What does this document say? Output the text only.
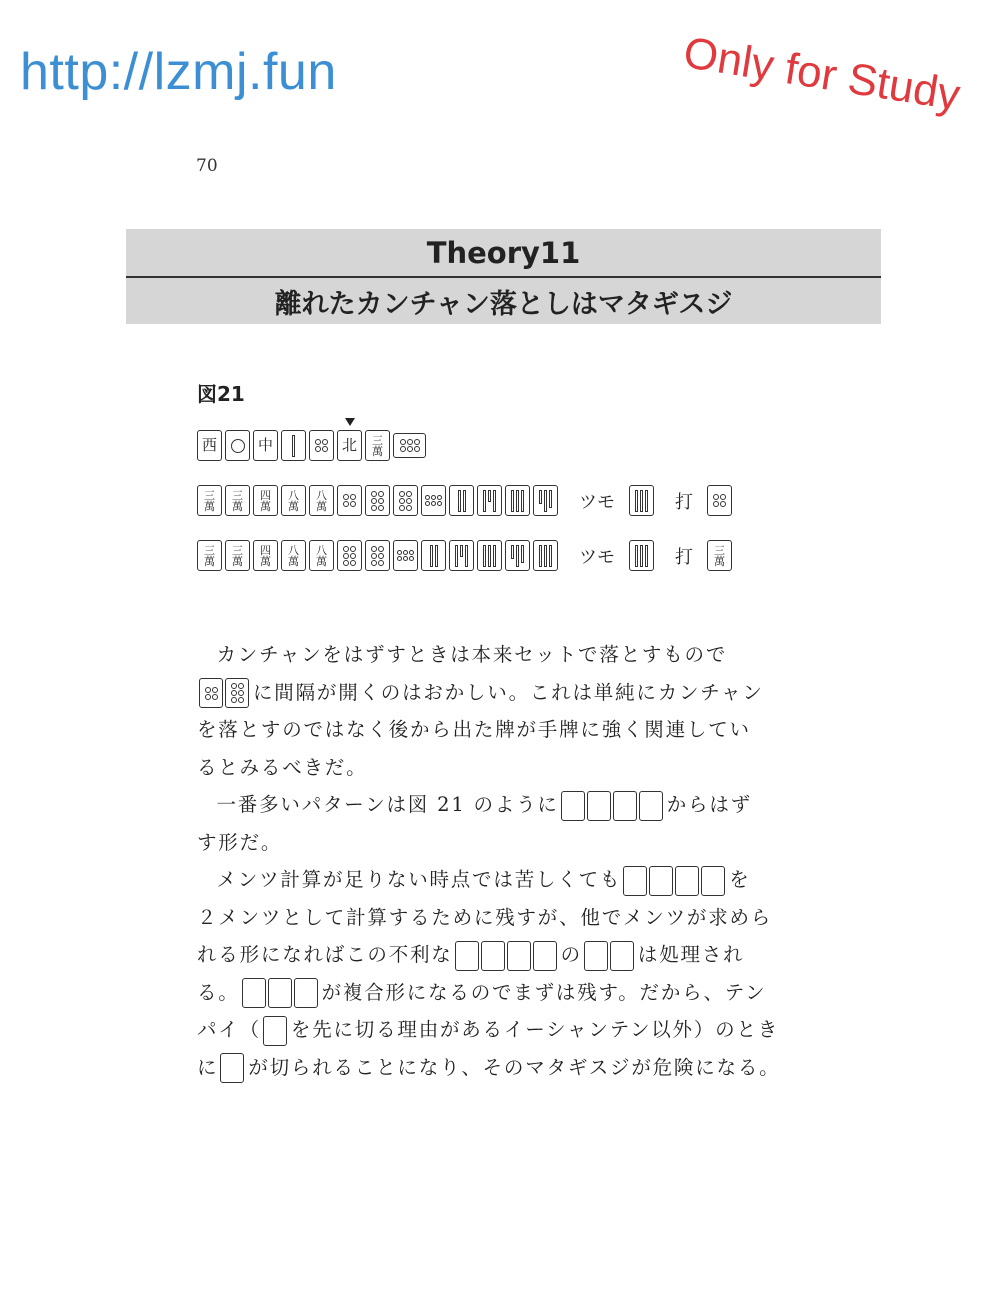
http://lzmj.fun	Only for Study
70
Theory11
離れたカンチャン落としはマタギスジ
図21
西	中	北	三
萬
三
萬
三
萬
四
萬
八
萬
八
萬	ツモ	打
三
萬
三
萬
四
萬
八
萬
八
萬	ツモ	打 三
萬

カンチャンをはずすときは本来セットで落とすもので

に間隔が開くのはおかしい。これは単純にカンチャン
を落とすのではなく後から出た牌が手牌に強く関連してい
るとみるべきだ。

一番多いパターンは図 21 のように	からはず
す形だ。

メンツ計算が足りない時点では苦しくても	を
２メンツとして計算するために残すが、他でメンツが求めら
れる形になればこの不利な	の	は処理され
る。	が複合形になるのでまずは残す。だから、テン
パイ（ を先に切る理由があるイーシャンテン以外）のとき
に が切られることになり、そのマタギスジが危険になる。
